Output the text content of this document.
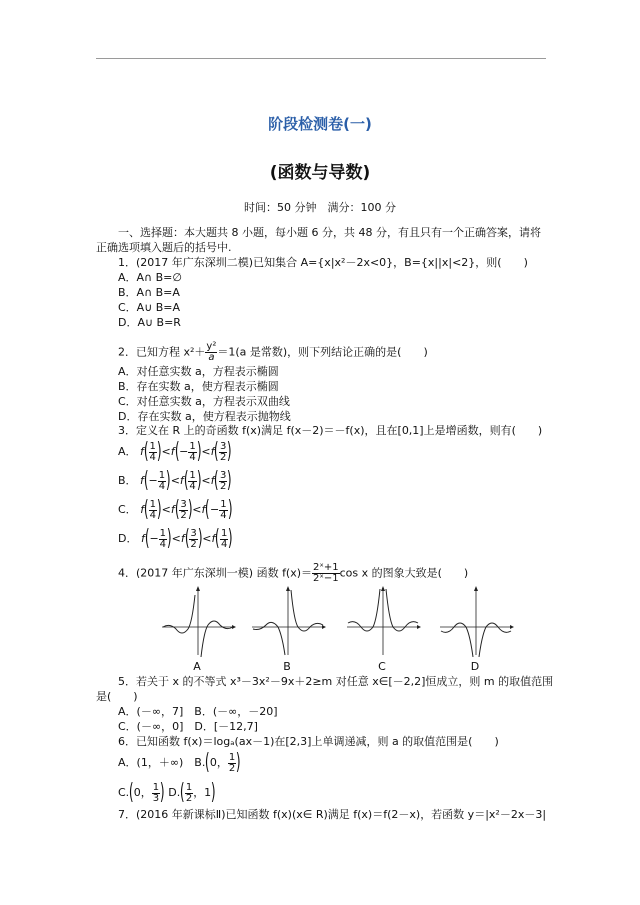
阶段检测卷(一)
(函数与导数)
时间：50 分钟　满分：100 分
一、选择题：本大题共 8 小题，每小题 6 分，共 48 分，有且只有一个正确答案，请将
正确选项填入题后的括号中.
1．(2017 年广东深圳二模)已知集合 A={x|x²－2x<0}，B={x||x|<2}，则(　　)
A．A∩ B=∅
B．A∩ B=A
C．A∪ B=A
D．A∪ B=R
2．已知方程 $x^2+ \frac{\text{y²}}{a} =1(a$ 是常数)，则下列结论正确的是(　　)
A．对任意实数 a，方程表示椭圆
B．存在实数 a，使方程表示椭圆
C．对任意实数 a，方程表示双曲线
D．存在实数 a，使方程表示抛物线
3．定义在 R 上的奇函数 f(x)满足 f(x－2)＝－f(x)，且在[0,1]上是增函数，则有(　　)
A． $f( \frac{1}{4} )<f(- \frac{1}{4} )<f( \frac{3}{2}$ )
B． $f(- \frac{1}{4} )<f( \frac{1}{4} )<f( \frac{3}{2}$ )
C． $f( \frac{1}{4} )<f( \frac{3}{2} )<f(- \frac{1}{4}$ )
D． $f(- \frac{1}{4} )<f( \frac{3}{2} )<f( \frac{1}{4}$ )
4．(2017 年广东深圳一模) 函数 $f(x)= \frac{\text{2ˣ+1}}{\text{2ˣ−1}}$ cos x 的图象大致是(　　)
A	B	C	D
5．若关于 x 的不等式 x³－3x²－9x＋2≥m 对任意 x∈[－2,2]恒成立，则 m 的取值范围
是(　　)
A．(－∞，7]　B．(－∞，－20]
C．(－∞，0]　D．[－12,7]
6．已知函数 f(x)＝logₐ(ax－1)在[2,3]上单调递减，则 a 的取值范围是(　　)
A．(1，＋∞)　B.(0， $\frac{1}{2}$ )
C.(0， $\frac{1}{3}$ ) $D.( \frac{1}{2}$ ，1)
7．(2016 年新课标Ⅱ)已知函数 f(x)(x∈ R)满足 f(x)＝f(2－x)，若函数 y＝|x²－2x－3|
